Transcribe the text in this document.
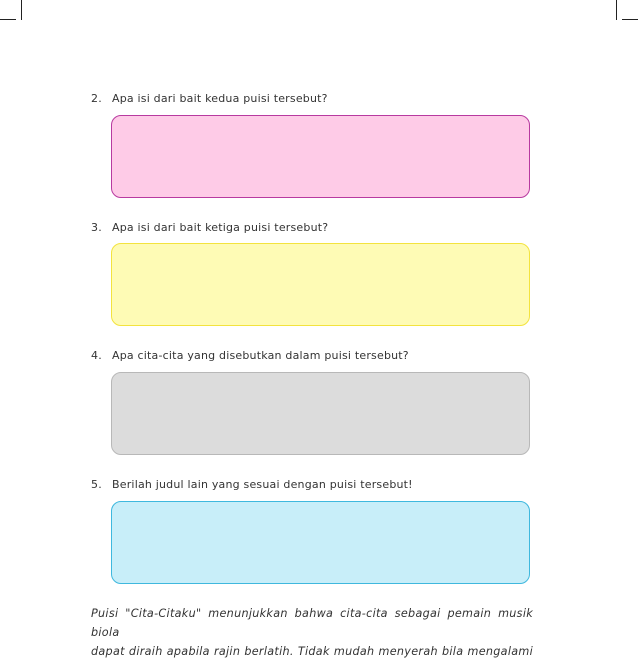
2. Apa isi dari bait kedua puisi tersebut?
3. Apa isi dari bait ketiga puisi tersebut?
4. Apa cita-cita yang disebutkan dalam puisi tersebut?
5. Berilah judul lain yang sesuai dengan puisi tersebut!
Puisi "Cita-Citaku" menunjukkan bahwa cita-cita sebagai pemain musik biola
dapat diraih apabila rajin berlatih. Tidak mudah menyerah bila mengalami
